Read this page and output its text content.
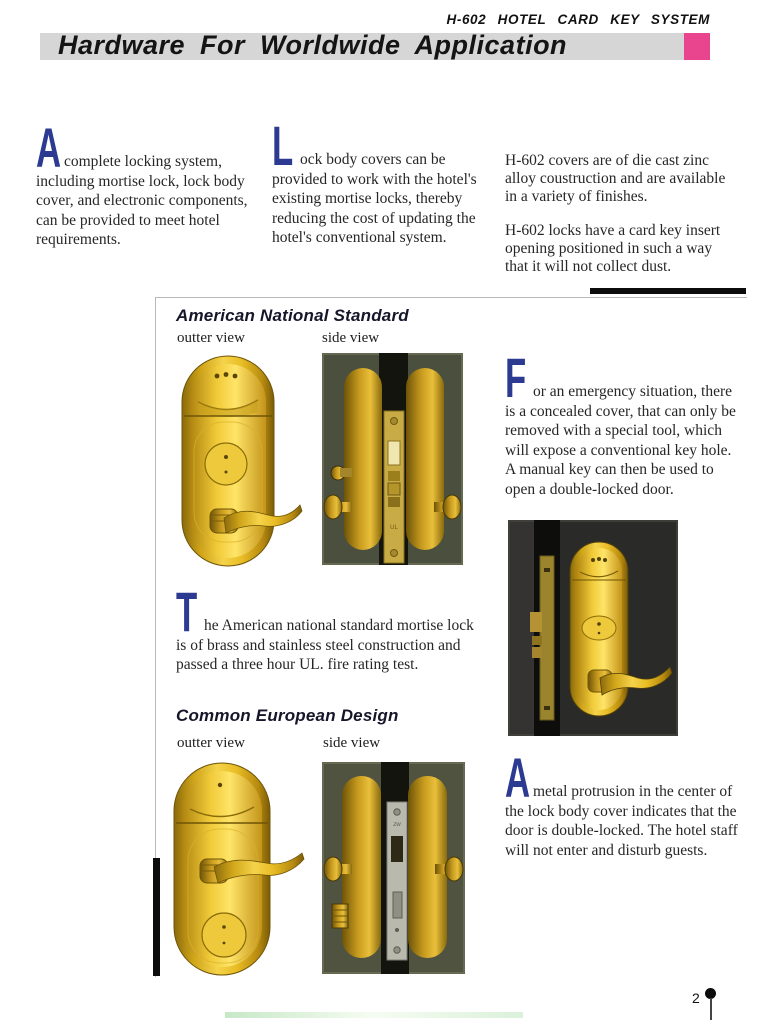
H-602 HOTEL CARD KEY SYSTEM
Hardware For Worldwide Application
A complete locking system, including mortise lock, lock body cover, and electronic components, can be provided to meet hotel requirements.
L ock body covers can be provided to work with the hotel's existing mortise locks, thereby reducing the cost of updating the hotel's conventional system.

H-602 covers are of die cast zinc alloy coustruction and are available in a variety of finishes.

H-602 locks have a card key insert opening positioned in such a way that it will not collect dust.

American National Standard
outter view	side view
UL
F or an emergency situation, there is a concealed cover, that can only be removed with a special tool, which will expose a conventional key hole. A manual key can then be used to open a double-locked door.
T he American national standard mortise lock is of brass and stainless steel construction and passed a three hour UL. fire rating test.
Common European Design
outter view	side view
zw
A metal protrusion in the center of the lock body cover indicates that the door is double-locked. The hotel staff will not enter and disturb guests.
2
